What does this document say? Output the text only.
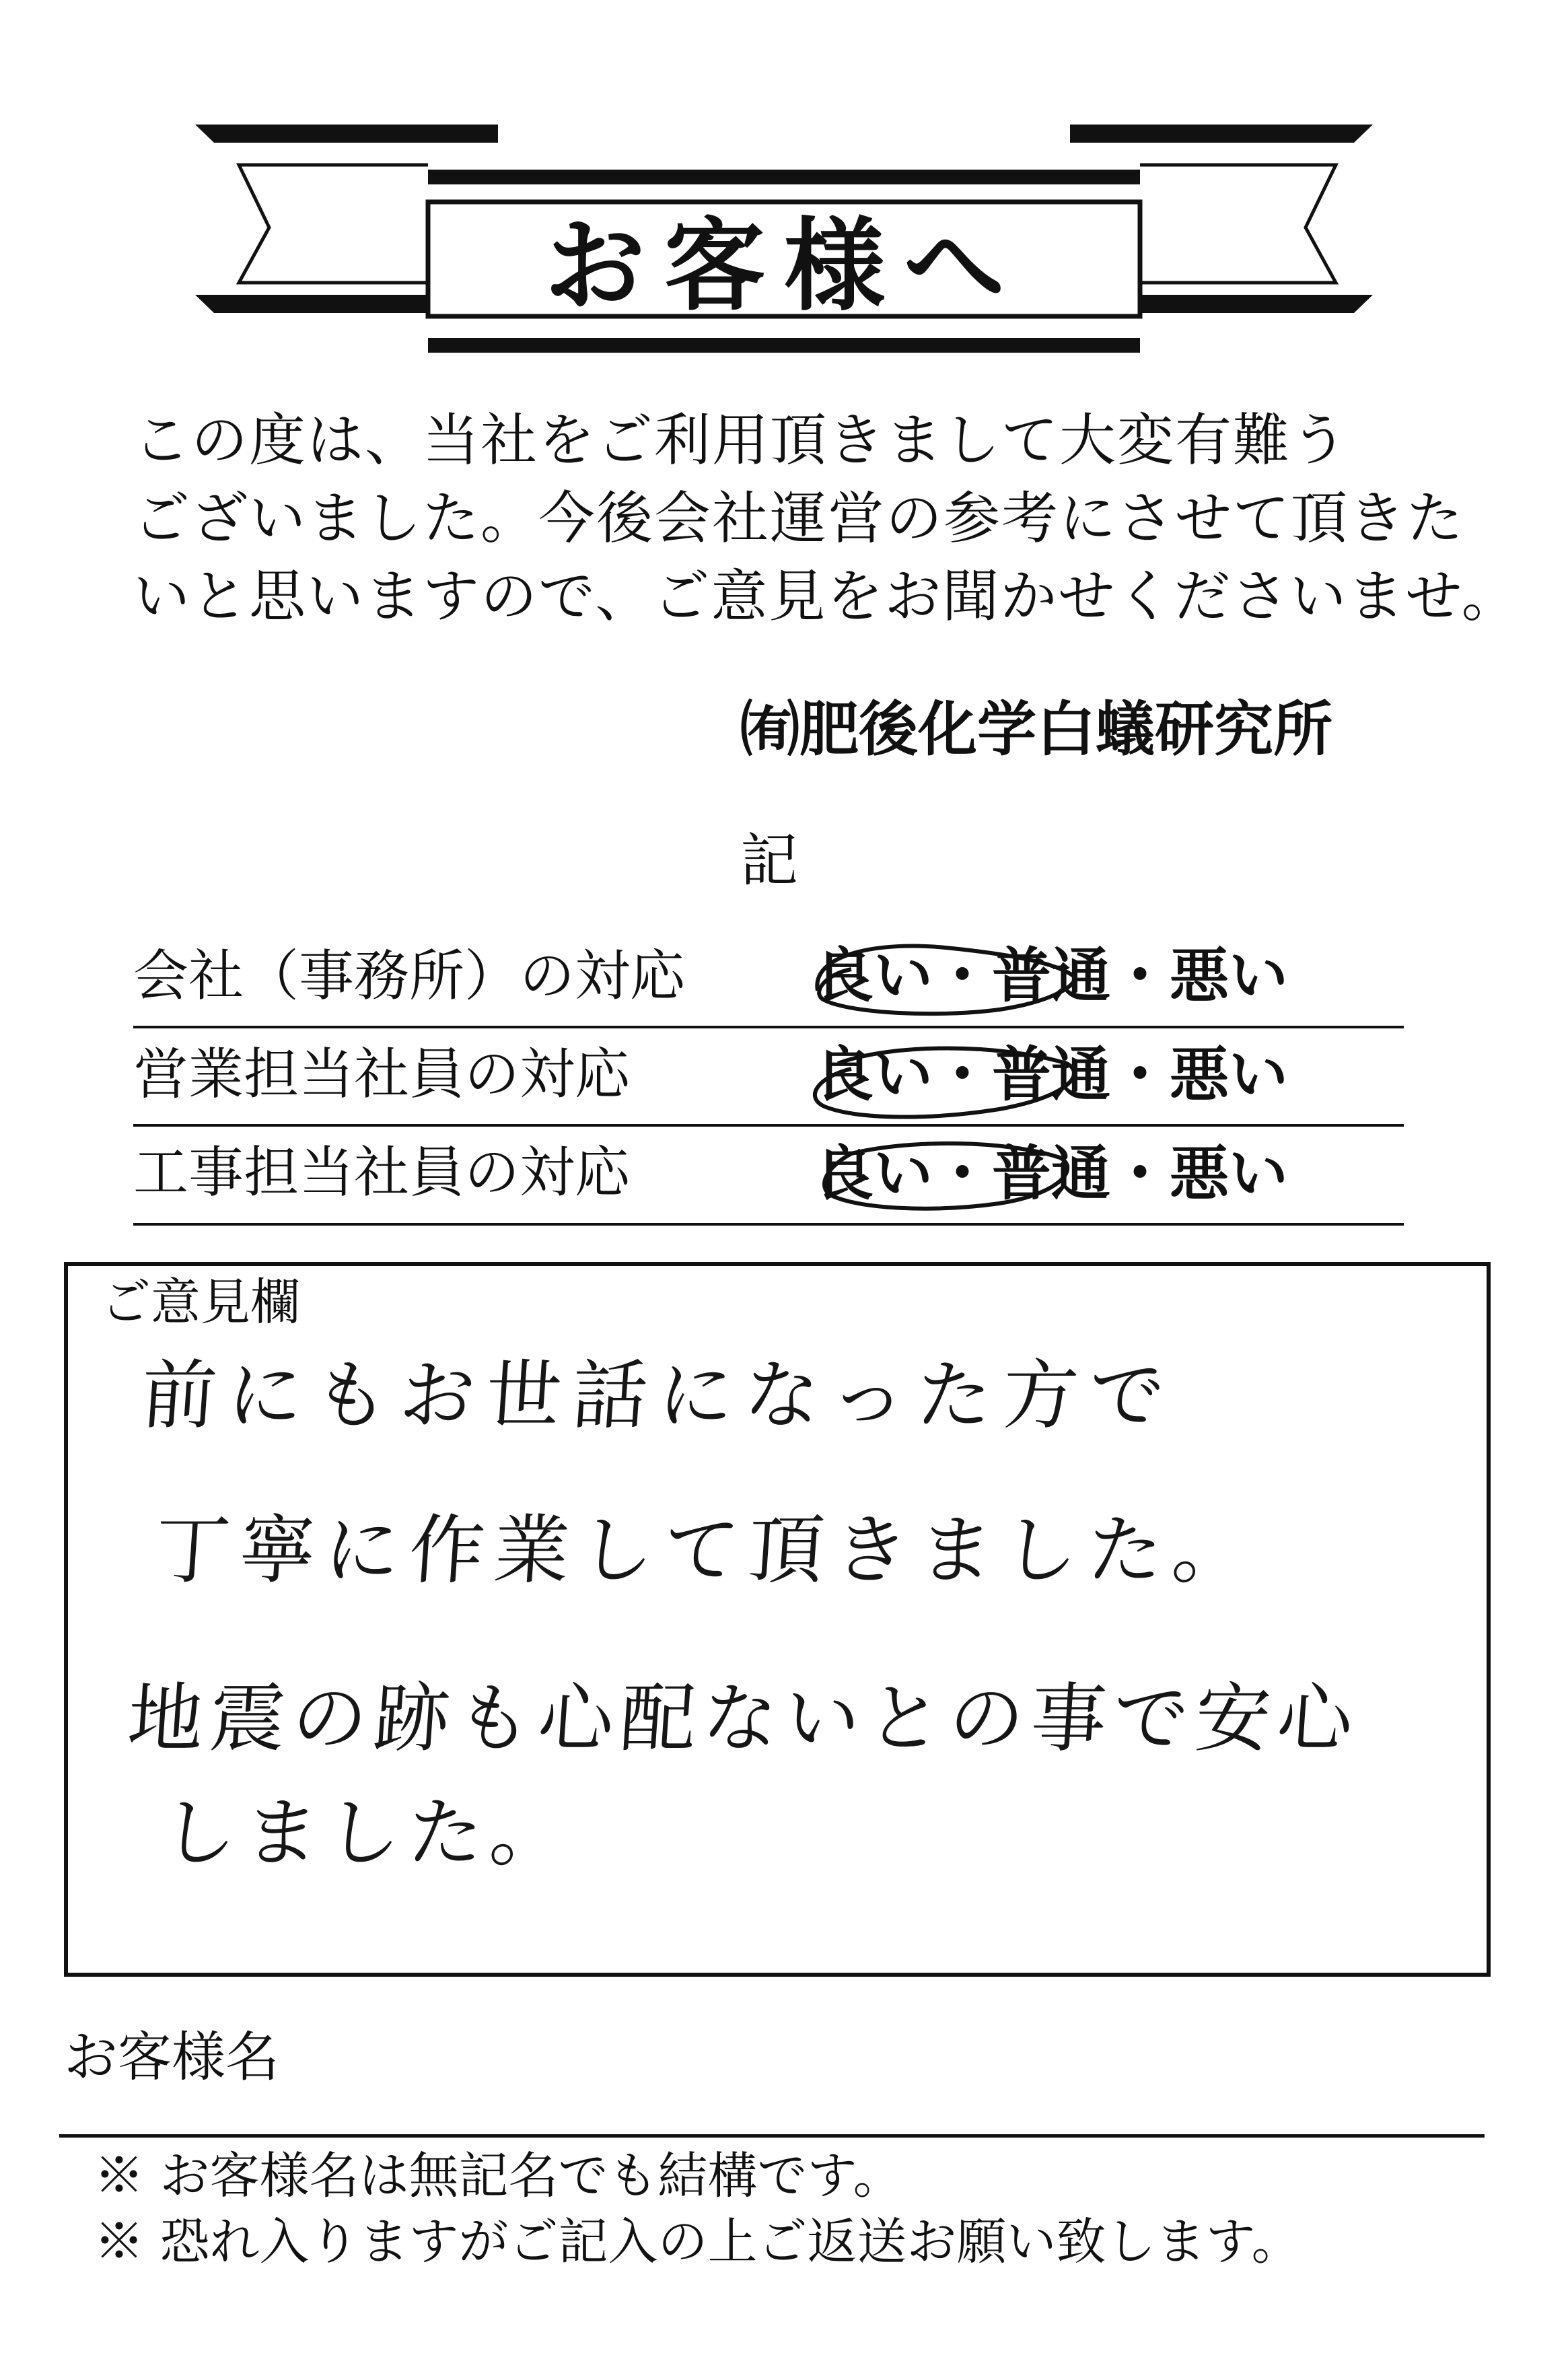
お客様へ
この度は、当社をご利用頂きまして大変有難う
ございました。今後会社運営の参考にさせて頂きた
いと思いますので、ご意見をお聞かせくださいませ。
㈲肥後化学白蟻研究所
記
会社（事務所）の対応 良い・普通・悪い
営業担当社員の対応	良い・普通・悪い
工事担当社員の対応	良い・普通・悪い
ご意見欄
前にもお世話になった方で
丁寧に作業して頂きました。
地震の跡も心配ないとの事で安心
しました。
お客様名
※ お客様名は無記名でも結構です。
※ 恐れ入りますがご記入の上ご返送お願い致します。
